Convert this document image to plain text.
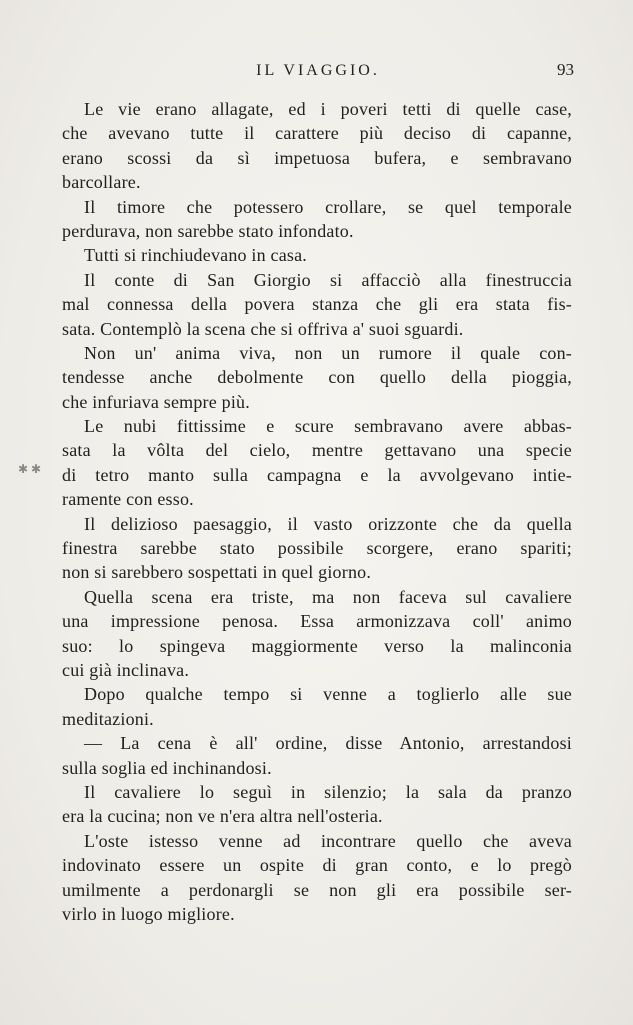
IL VIAGGIO.	93
Le vie erano allagate, ed i poveri tetti di quelle case,
che avevano tutte il carattere più deciso di capanne,
erano scossi da sì impetuosa bufera, e sembravano
barcollare.
Il timore che potessero crollare, se quel temporale
perdurava, non sarebbe stato infondato.
Tutti si rinchiudevano in casa.
Il conte di San Giorgio si affacciò alla finestruccia
mal connessa della povera stanza che gli era stata fis-
sata. Contemplò la scena che si offriva a' suoi sguardi.
Non un' anima viva, non un rumore il quale con-
tendesse anche debolmente con quello della pioggia,
che infuriava sempre più.
Le nubi fittissime e scure sembravano avere abbas-
sata la vôlta del cielo, mentre gettavano una specie
di tetro manto sulla campagna e la avvolgevano intie-
ramente con esso.
Il delizioso paesaggio, il vasto orizzonte che da quella
finestra sarebbe stato possibile scorgere, erano spariti;
non si sarebbero sospettati in quel giorno.
Quella scena era triste, ma non faceva sul cavaliere
una impressione penosa. Essa armonizzava coll' animo
suo: lo spingeva maggiormente verso la malinconia
cui già inclinava.
Dopo qualche tempo si venne a toglierlo alle sue
meditazioni.
— La cena è all' ordine, disse Antonio, arrestandosi
sulla soglia ed inchinandosi.
Il cavaliere lo seguì in silenzio; la sala da pranzo
era la cucina; non ve n'era altra nell'osteria.
L'oste istesso venne ad incontrare quello che aveva
indovinato essere un ospite di gran conto, e lo pregò
umilmente a perdonargli se non gli era possibile ser-
virlo in luogo migliore.
✱ ✱
